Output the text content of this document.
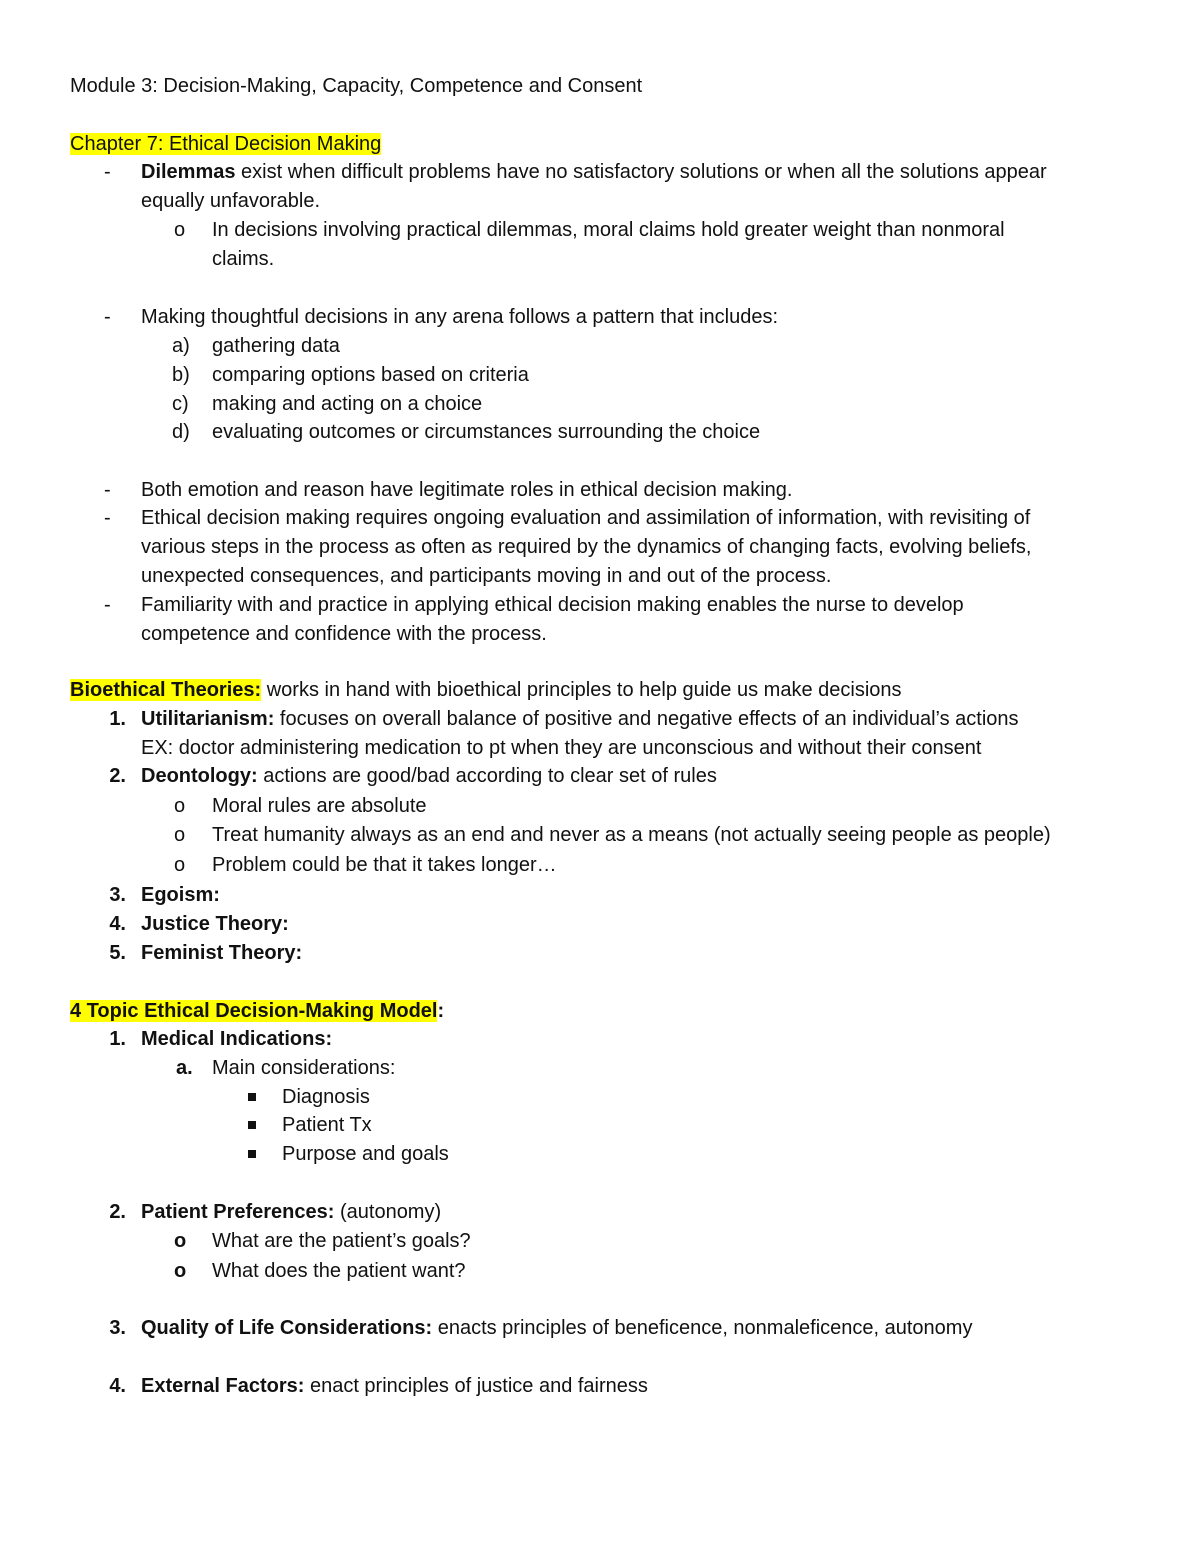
Module 3: Decision-Making, Capacity, Competence and Consent
Chapter 7: Ethical Decision Making
- Dilemmas exist when difficult problems have no satisfactory solutions or when all the solutions appear
equally unfavorable.
o In decisions involving practical dilemmas, moral claims hold greater weight than nonmoral
claims.
- Making thoughtful decisions in any arena follows a pattern that includes:
a) gathering data
b) comparing options based on criteria
c) making and acting on a choice
d) evaluating outcomes or circumstances surrounding the choice
- Both emotion and reason have legitimate roles in ethical decision making.
- Ethical decision making requires ongoing evaluation and assimilation of information, with revisiting of
various steps in the process as often as required by the dynamics of changing facts, evolving beliefs,
unexpected consequences, and participants moving in and out of the process.
- Familiarity with and practice in applying ethical decision making enables the nurse to develop
competence and confidence with the process.
Bioethical Theories: works in hand with bioethical principles to help guide us make decisions
1. Utilitarianism: focuses on overall balance of positive and negative effects of an individual’s actions
EX: doctor administering medication to pt when they are unconscious and without their consent
2. Deontology: actions are good/bad according to clear set of rules
o Moral rules are absolute
o Treat humanity always as an end and never as a means (not actually seeing people as people)
o Problem could be that it takes longer…
3. Egoism:
4. Justice Theory:
5. Feminist Theory:
4 Topic Ethical Decision-Making Model:
1. Medical Indications:
a. Main considerations:
Diagnosis
Patient Tx
Purpose and goals
2. Patient Preferences: (autonomy)
o What are the patient’s goals?
o What does the patient want?
3. Quality of Life Considerations: enacts principles of beneficence, nonmaleficence, autonomy
4. External Factors: enact principles of justice and fairness
